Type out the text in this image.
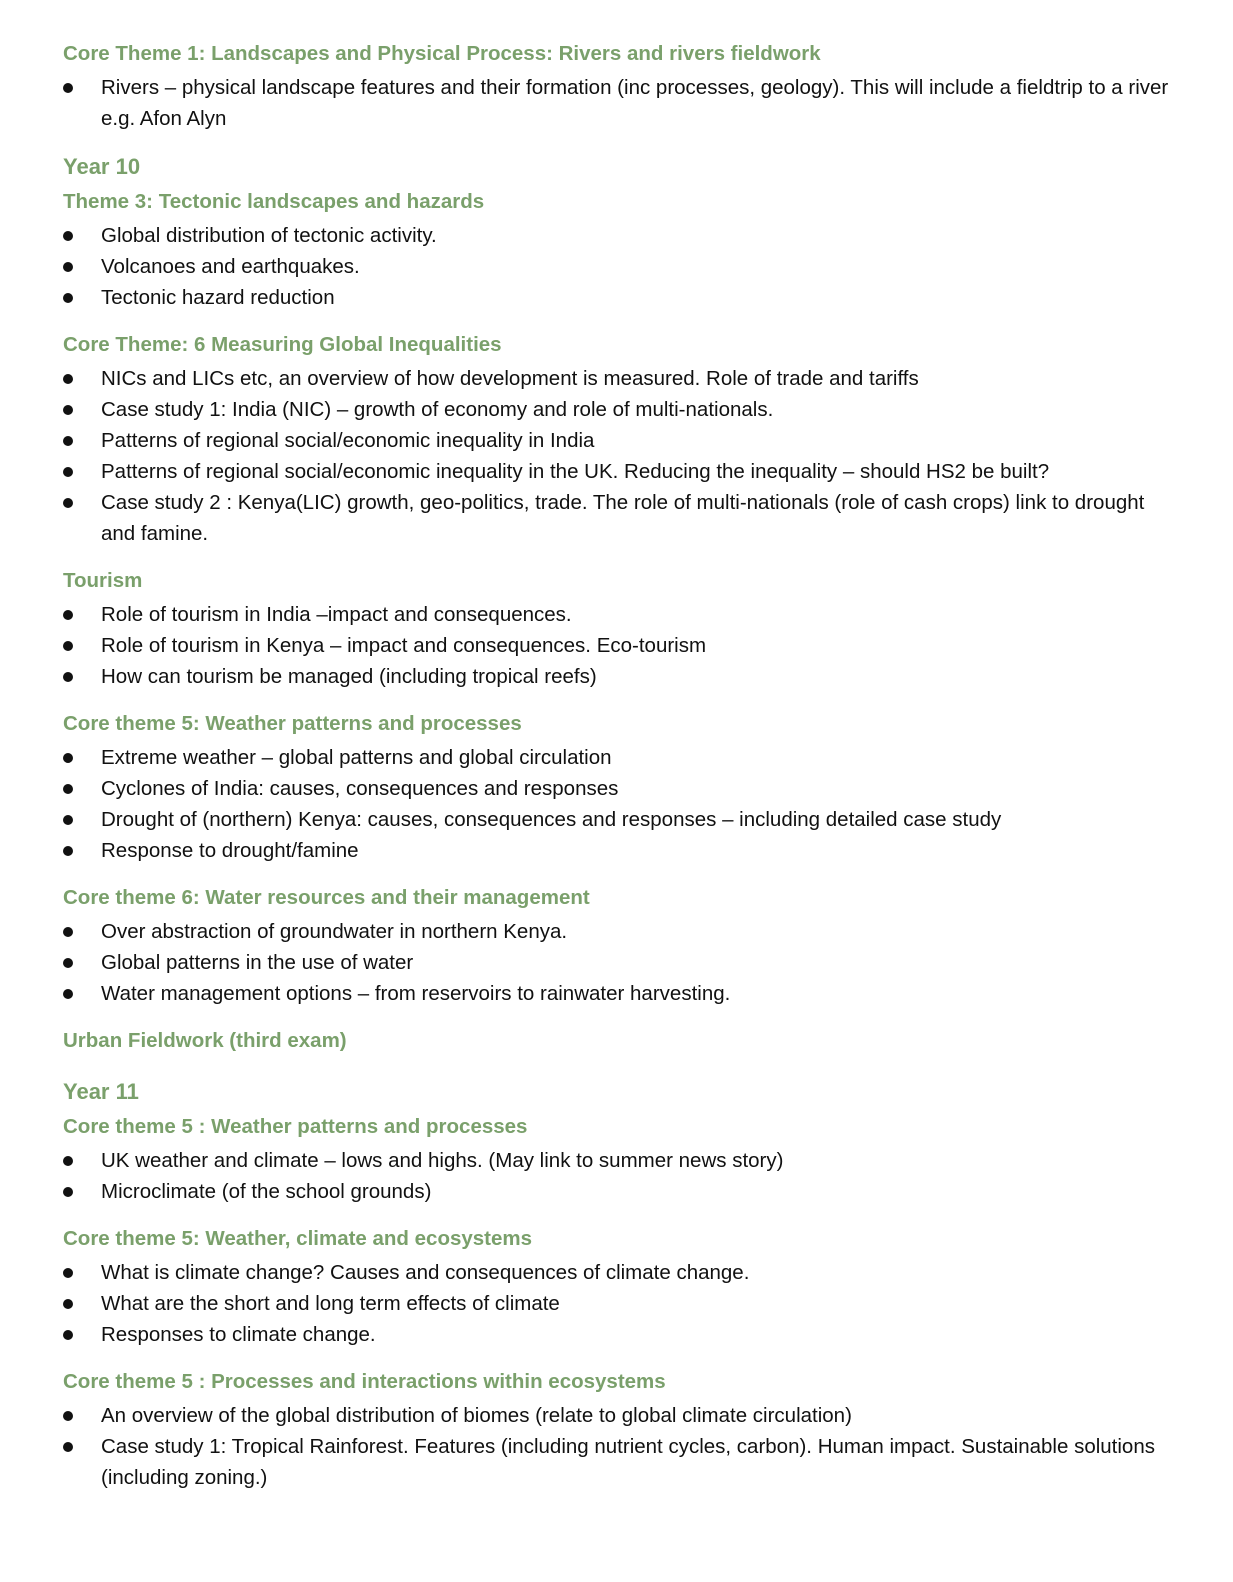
Core Theme 1: Landscapes and Physical Process: Rivers and rivers fieldwork
Rivers – physical landscape features and their formation (inc processes, geology). This will include a fieldtrip to a river e.g. Afon Alyn
Year 10
Theme 3: Tectonic landscapes and hazards
Global distribution of tectonic activity.
Volcanoes and earthquakes.
Tectonic hazard reduction
Core Theme: 6 Measuring Global Inequalities
NICs and LICs etc, an overview of how development is measured. Role of trade and tariffs
Case study 1: India (NIC) – growth of economy and role of multi-nationals.
Patterns of regional social/economic inequality in India
Patterns of regional social/economic inequality in the UK. Reducing the inequality – should HS2 be built?
Case study 2 : Kenya(LIC) growth, geo-politics, trade. The role of multi-nationals (role of cash crops) link to drought and famine.
Tourism
Role of tourism in India –impact and consequences.
Role of tourism in Kenya – impact and consequences. Eco-tourism
How can tourism be managed (including tropical reefs)
Core theme 5: Weather patterns and processes
Extreme weather – global patterns and global circulation
Cyclones of India: causes, consequences and responses
Drought of (northern) Kenya: causes, consequences and responses – including detailed case study
Response to drought/famine
Core theme 6: Water resources and their management
Over abstraction of groundwater in northern Kenya.
Global patterns in the use of water
Water management options – from reservoirs to rainwater harvesting.
Urban Fieldwork (third exam)
Year 11
Core theme 5 : Weather patterns and processes
UK weather and climate – lows and highs. (May link to summer news story)
Microclimate (of the school grounds)
Core theme 5: Weather, climate and ecosystems
What is climate change? Causes and consequences of climate change.
What are the short and long term effects of climate
Responses to climate change.
Core theme 5 : Processes and interactions within ecosystems
An overview of the global distribution of biomes (relate to global climate circulation)
Case study 1: Tropical Rainforest. Features (including nutrient cycles, carbon). Human impact. Sustainable solutions (including zoning.)
